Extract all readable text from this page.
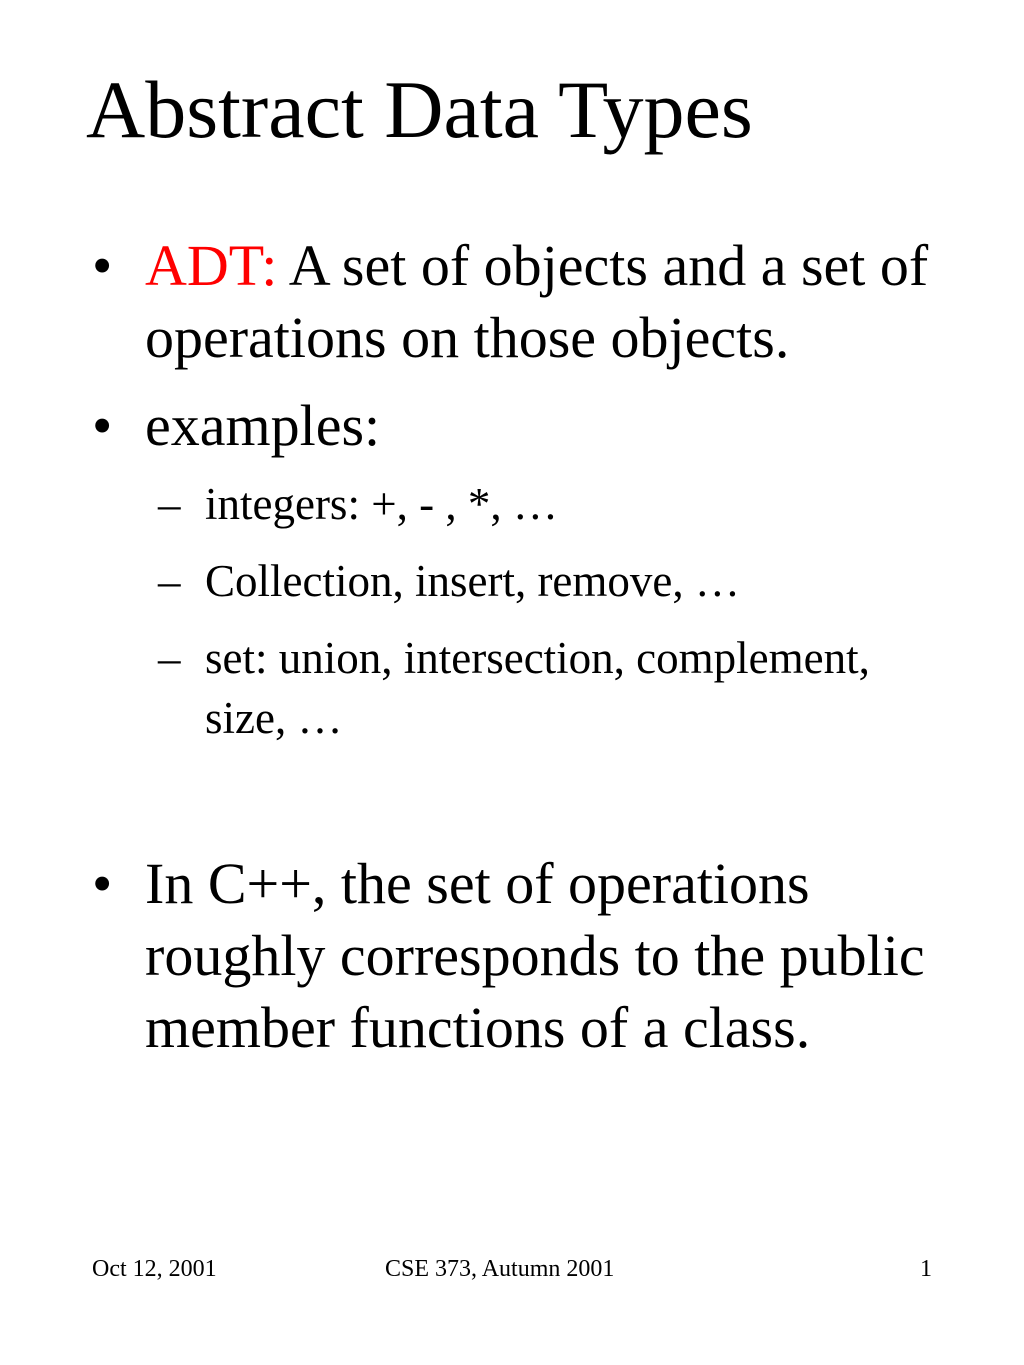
Abstract Data Types
• ADT: A set of objects and a set of operations on those objects.
• examples:
– integers: +, - , *, …
– Collection, insert, remove, …
– set: union, intersection, complement, size, …
• In C++, the set of operations roughly corresponds to the public member functions of a class.
Oct 12, 2001	CSE 373, Autumn 2001	1
